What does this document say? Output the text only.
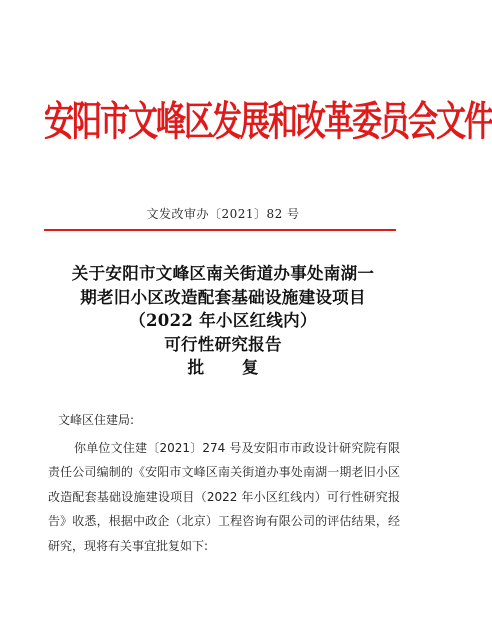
安阳市文峰区发展和改革委员会文件
文发改审办〔2021〕82 号
关于安阳市文峰区南关街道办事处南湖一
期老旧小区改造配套基础设施建设项目
（2022 年小区红线内）
可行性研究报告
批 复
文峰区住建局:
你单位文住建〔2021〕274 号及安阳市市政设计研究院有限责任公司编制的《安阳市文峰区南关街道办事处南湖一期老旧小区改造配套基础设施建设项目（2022 年小区红线内）可行性研究报告》收悉，根据中政企（北京）工程咨询有限公司的评估结果，经研究，现将有关事宜批复如下:
